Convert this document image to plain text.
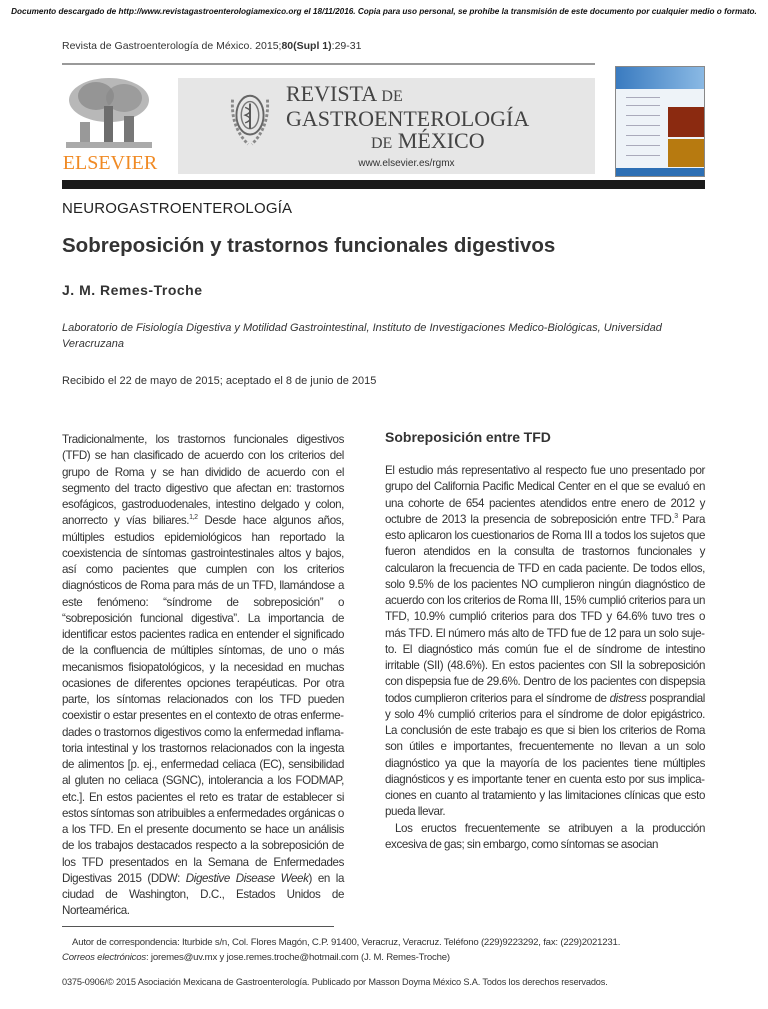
Documento descargado de http://www.revistagastroenterologiamexico.org el 18/11/2016. Copia para uso personal, se prohíbe la transmisión de este documento por cualquier medio o formato.
Revista de Gastroenterología de México. 2015;80(Supl 1):29-31
ELSEVIER
REVISTA DE
GASTROENTEROLOGÍA
DE MÉXICO
www.elsevier.es/rgmx
NEUROGASTROENTEROLOGÍA
Sobreposición y trastornos funcionales digestivos
J. M. Remes-Troche
Laboratorio de Fisiología Digestiva y Motilidad Gastrointestinal, Instituto de Investigaciones Medico-Biológicas, Universidad Veracruzana
Recibido el 22 de mayo de 2015; aceptado el 8 de junio de 2015

Tradicionalmente, los trastornos funcionales digestivos (TFD) se han clasificado de acuerdo con los criterios del grupo de Roma y se han dividido de acuerdo con el segmento del tracto digestivo que afectan en: trastornos esofágicos, gastroduodenales, intestino delgado y colon, anorrecto y vías biliares.$^{1,2}$ Desde hace algunos años, múltiples estudios epidemiológicos han reportado la coexistencia de síntomas gastrointestinales altos y bajos, así como pacientes que cumplen con los criterios diagnósticos de Roma para más de un TFD, llamándose a este fenómeno: “síndrome de sobreposición” o “sobreposición funcional digestiva”. La importancia de identificar estos pacientes radica en entender el significado de la confluencia de múltiples síntomas, de uno o más mecanismos fisiopatológicos, y la necesidad en muchas ocasiones de diferentes opciones terapéuticas. Por otra parte, los síntomas relacionados con los TFD pueden coexistir o estar presentes en el contexto de otras enfermedades o trastornos digestivos como la enfermedad inflamatoria intestinal y los trastornos relacionados con la ingesta de alimentos [p. ej., enfermedad celiaca (EC), sensibilidad al gluten no celiaca (SGNC), intolerancia a los FODMAP, etc.]. En estos pacientes el reto es tratar de establecer si estos síntomas son atribuibles a enfermedades orgánicas o a los TFD. En el presente documento se hace un análisis de los trabajos destacados respecto a la sobreposición de los TFD presentados en la Semana de Enfermedades Digestivas 2015 (DDW: Digestive Disease Week) en la ciudad de Washington, D.C., Estados Unidos de Norteamérica.

Sobreposición entre TFD

El estudio más representativo al respecto fue uno presentado por grupo del California Pacific Medical Center en el que se evaluó en una cohorte de 654 pacientes atendidos entre enero de 2012 y octubre de 2013 la presencia de sobreposición entre TFD.$^3$ Para esto aplicaron los cuestionarios de Roma III a todos los sujetos que fueron atendidos en la consulta de trastornos funcionales y calcularon la frecuencia de TFD en cada paciente. De todos ellos, solo 9.5% de los pacientes NO cumplieron ningún diagnóstico de acuerdo con los criterios de Roma III, 15% cumplió criterios para un TFD, 10.9% cumplió criterios para dos TFD y 64.6% tuvo tres o más TFD. El número más alto de TFD fue de 12 para un solo sujeto. El diagnóstico más común fue el de síndrome de intestino irritable (SII) (48.6%). En estos pacientes con SII la sobreposición con dispepsia fue de 29.6%. Dentro de los pacientes con dispepsia todos cumplieron criterios para el síndrome de distress posprandial y solo 4% cumplió criterios para el síndrome de dolor epigástrico. La conclusión de este trabajo es que si bien los criterios de Roma son útiles e importantes, frecuentemente no llevan a un solo diagnóstico ya que la mayoría de los pacientes tiene múltiples diagnósticos y es importante tener en cuenta esto por sus implicaciones en cuanto al tratamiento y las limitaciones clínicas que esto pueda llevar.

Los eructos frecuentemente se atribuyen a la producción excesiva de gas; sin embargo, como síntomas se asocian

Autor de correspondencia: Iturbide s/n, Col. Flores Magón, C.P. 91400, Veracruz, Veracruz. Teléfono (229)9223292, fax: (229)2021231.
Correos electrónicos: joremes@uv.mx y jose.remes.troche@hotmail.com (J. M. Remes-Troche)
0375-0906/© 2015 Asociación Mexicana de Gastroenterología. Publicado por Masson Doyma México S.A. Todos los derechos reservados.
